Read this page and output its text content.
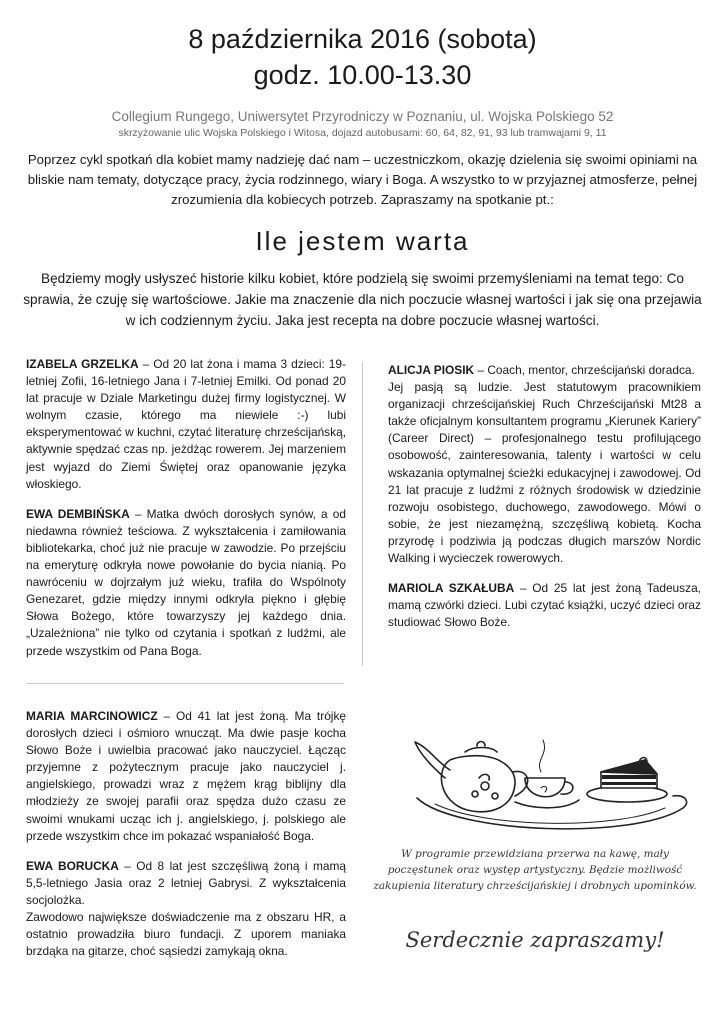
8 października 2016 (sobota)
godz. 10.00-13.30
Collegium Rungego, Uniwersytet Przyrodniczy w Poznaniu, ul. Wojska Polskiego 52
skrzyżowanie ulic Wojska Polskiego i Witosa, dojazd autobusami: 60, 64, 82, 91, 93 lub tramwajami 9, 11
Poprzez cykl spotkań dla kobiet mamy nadzieję dać nam – uczestniczkom, okazję dzielenia się swoimi opiniami na bliskie nam tematy, dotyczące pracy, życia rodzinnego, wiary i Boga. A wszystko to w przyjaznej atmosferze, pełnej zrozumienia dla kobiecych potrzeb. Zapraszamy na spotkanie pt.:
Ile jestem warta
Będziemy mogły usłyszeć historie kilku kobiet, które podzielą się swoimi przemyśleniami na temat tego: Co sprawia, że czuję się wartościowe. Jakie ma znaczenie dla nich poczucie własnej wartości i jak się ona przejawia w ich codziennym życiu. Jaka jest recepta na dobre poczucie własnej wartości.

IZABELA GRZELKA – Od 20 lat żona i mama 3 dzieci: 19-letniej Zofii, 16-letniego Jana i 7-letniej Emilki. Od ponad 20 lat pracuje w Dziale Marketingu dużej firmy logistycznej. W wolnym czasie, którego ma niewiele :-) lubi eksperymentować w kuchni, czytać literaturę chrześcijańską, aktywnie spędzać czas np. jeżdżąc rowerem. Jej marzeniem jest wyjazd do Ziemi Świętej oraz opanowanie języka włoskiego.

EWA DEMBIŃSKA – Matka dwóch dorosłych synów, a od niedawna również teściowa. Z wykształcenia i zamiłowania bibliotekarka, choć już nie pracuje w zawodzie. Po przejściu na emeryturę odkryła nowe powołanie do bycia nianią. Po nawróceniu w dojrzałym już wieku, trafiła do Wspólnoty Genezaret, gdzie między innymi odkryła piękno i głębię Słowa Bożego, które towarzyszy jej każdego dnia. „Uzależniona” nie tylko od czytania i spotkań z ludźmi, ale przede wszystkim od Pana Boga.

ALICJA PIOSIK – Coach, mentor, chrześcijański doradca.

Jej pasją są ludzie. Jest statutowym pracownikiem organizacji chrześcijańskiej Ruch Chrześcijański Mt28 a także oficjalnym konsultantem programu „Kierunek Kariery” (Career Direct) – profesjonalnego testu profilującego osobowość, zainteresowania, talenty i wartości w celu wskazania optymalnej ścieżki edukacyjnej i zawodowej. Od 21 lat pracuje z ludźmi z różnych środowisk w dziedzinie rozwoju osobistego, duchowego, zawodowego. Mówi o sobie, że jest niezamężną, szczęśliwą kobietą. Kocha przyrodę i podziwia ją podczas długich marszów Nordic Walking i wycieczek rowerowych.

MARIOLA SZKAŁUBA – Od 25 lat jest żoną Tadeusza, mamą czwórki dzieci. Lubi czytać książki, uczyć dzieci oraz studiować Słowo Boże.

MARIA MARCINOWICZ – Od 41 lat jest żoną. Ma trójkę dorosłych dzieci i ośmioro wnucząt. Ma dwie pasje kocha Słowo Boże i uwielbia pracować jako nauczyciel. Łącząc przyjemne z pożytecznym pracuje jako nauczyciel j. angielskiego, prowadzi wraz z mężem krąg biblijny dla młodzieży ze swojej parafii oraz spędza dużo czasu ze swoimi wnukami ucząc ich j. angielskiego, j. polskiego ale przede wszystkim chce im pokazać wspaniałość Boga.

EWA BORUCKA – Od 8 lat jest szczęśliwą żoną i mamą 5,5-letniego Jasia oraz 2 letniej Gabrysi. Z wykształcenia socjolożka.

Zawodowo największe doświadczenie ma z obszaru HR, a ostatnio prowadziła biuro fundacji. Z uporem maniaka brzdąka na gitarze, choć sąsiedzi zamykają okna.

W programie przewidziana przerwa na kawę, mały poczęstunek oraz występ artystyczny. Będzie możliwość zakupienia literatury chrześcijańskiej i drobnych upominków.
Serdecznie zapraszamy!
